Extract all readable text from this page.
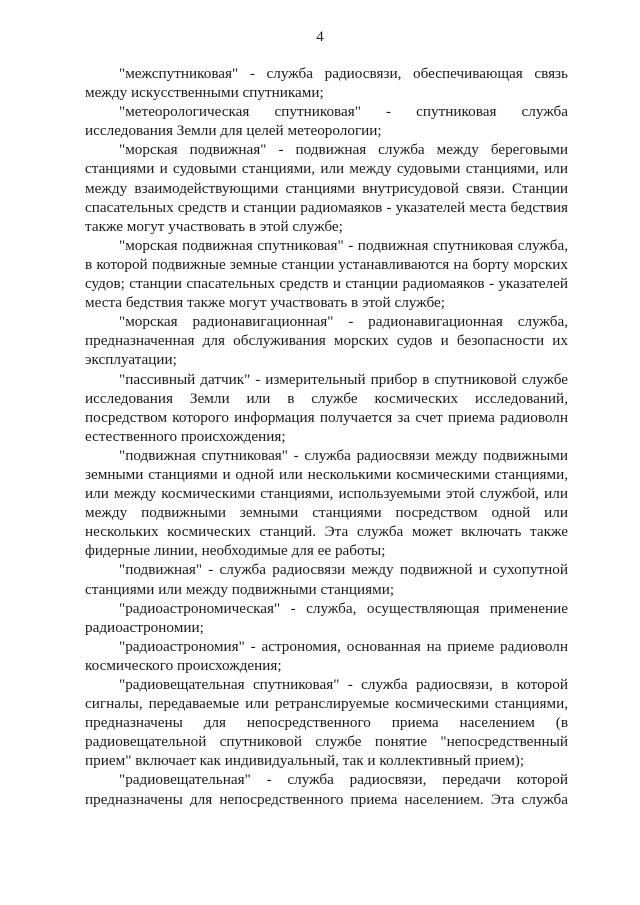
4

"межспутниковая" - служба радиосвязи, обеспечивающая связь между искусственными спутниками;

"метеорологическая спутниковая" - спутниковая служба исследования Земли для целей метеорологии;

"морская подвижная" - подвижная служба между береговыми станциями и судовыми станциями, или между судовыми станциями, или между взаимодействующими станциями внутрисудовой связи. Станции спасательных средств и станции радиомаяков - указателей места бедствия также могут участвовать в этой службе;

"морская подвижная спутниковая" - подвижная спутниковая служба, в которой подвижные земные станции устанавливаются на борту морских судов; станции спасательных средств и станции радиомаяков - указателей места бедствия также могут участвовать в этой службе;

"морская радионавигационная" - радионавигационная служба, предназначенная для обслуживания морских судов и безопасности их эксплуатации;

"пассивный датчик" - измерительный прибор в спутниковой службе исследования Земли или в службе космических исследований, посредством которого информация получается за счет приема радиоволн естественного происхождения;

"подвижная спутниковая" - служба радиосвязи между подвижными земными станциями и одной или несколькими космическими станциями, или между космическими станциями, используемыми этой службой, или между подвижными земными станциями посредством одной или нескольких космических станций. Эта служба может включать также фидерные линии, необходимые для ее работы;

"подвижная" - служба радиосвязи между подвижной и сухопутной станциями или между подвижными станциями;

"радиоастрономическая" - служба, осуществляющая применение радиоастрономии;

"радиоастрономия" - астрономия, основанная на приеме радиоволн космического происхождения;

"радиовещательная спутниковая" - служба радиосвязи, в которой сигналы, передаваемые или ретранслируемые космическими станциями, предназначены для непосредственного приема населением (в радиовещательной спутниковой службе понятие "непосредственный прием" включает как индивидуальный, так и коллективный прием);

"радиовещательная" - служба радиосвязи, передачи которой предназначены для непосредственного приема населением. Эта служба
